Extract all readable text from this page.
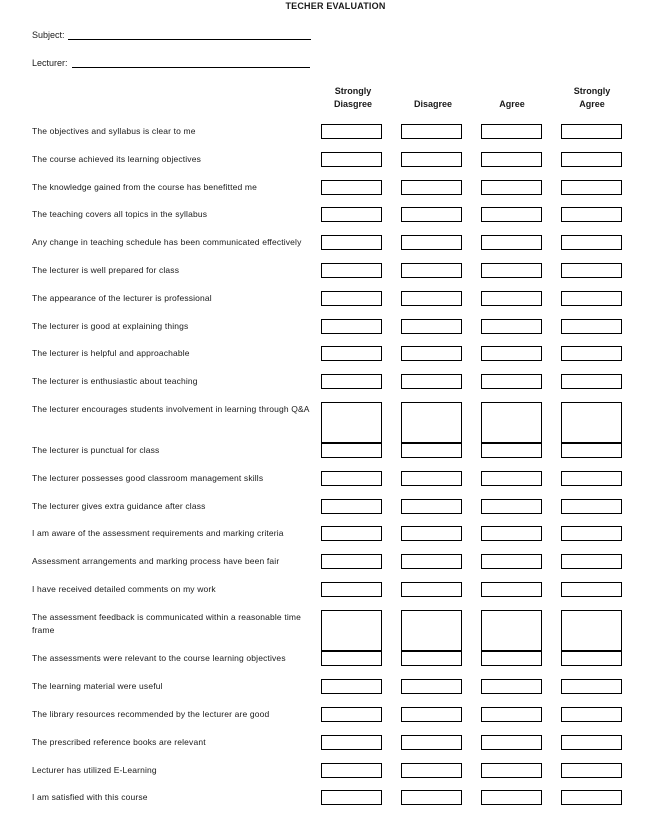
TECHER EVALUATION
Subject:
Lecturer:
Strongly
Diasgree
	Disagree
	Agree
Strongly
Agree
The objectives and syllabus is clear to me
The course achieved its learning objectives
The knowledge gained from the course has benefitted me
The teaching covers all topics in the syllabus
Any change in teaching schedule has been communicated effectively
The lecturer is well prepared for class
The appearance of the lecturer is professional
The lecturer is good at explaining things
The lecturer is helpful and approachable
The lecturer is enthusiastic about teaching
The lecturer encourages students involvement in learning through Q&A
The lecturer is punctual for class
The lecturer possesses good classroom management skills
The lecturer gives extra guidance after class
I am aware of the assessment requirements and marking criteria
Assessment arrangements and marking process have been fair
I have received detailed comments on my work
The assessment feedback is communicated within a reasonable time frame
The assessments were relevant to the course learning objectives
The learning material were useful
The library resources recommended by the lecturer are good
The prescribed reference books are relevant
Lecturer has utilized E-Learning
I am satisfied with this course
